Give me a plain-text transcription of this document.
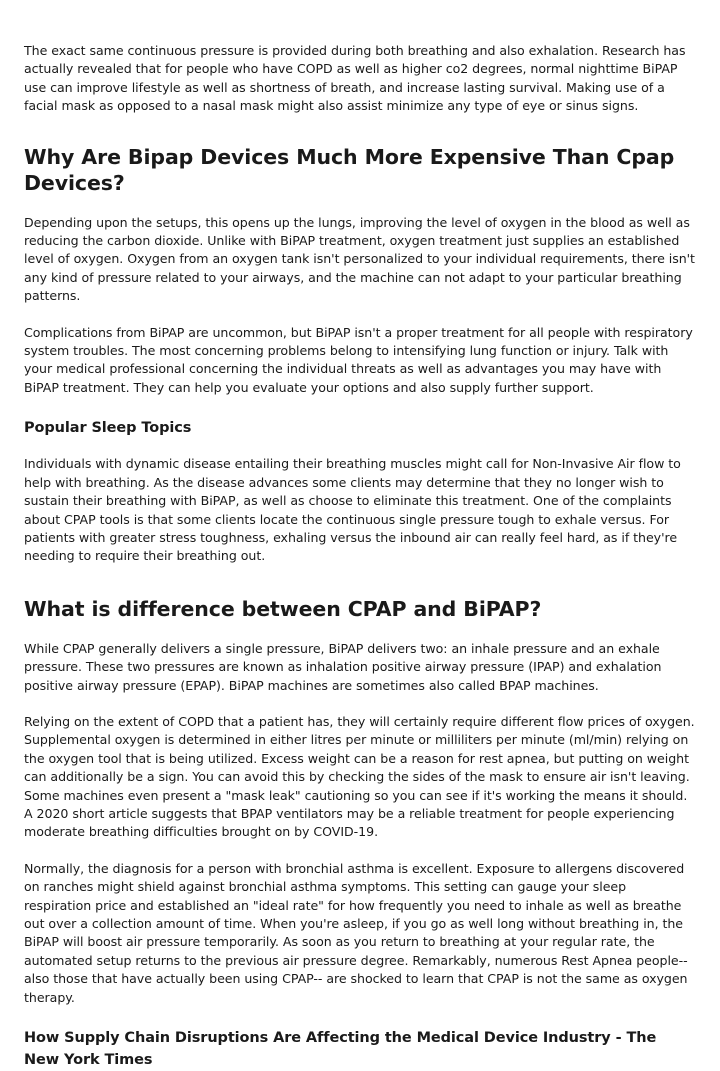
The exact same continuous pressure is provided during both breathing and also exhalation. Research has actually revealed that for people who have COPD as well as higher co2 degrees, normal nighttime BiPAP use can improve lifestyle as well as shortness of breath, and increase lasting survival. Making use of a facial mask as opposed to a nasal mask might also assist minimize any type of eye or sinus signs.

Why Are Bipap Devices Much More Expensive Than Cpap Devices?

Depending upon the setups, this opens up the lungs, improving the level of oxygen in the blood as well as reducing the carbon dioxide. Unlike with BiPAP treatment, oxygen treatment just supplies an established level of oxygen. Oxygen from an oxygen tank isn't personalized to your individual requirements, there isn't any kind of pressure related to your airways, and the machine can not adapt to your particular breathing patterns.

Complications from BiPAP are uncommon, but BiPAP isn't a proper treatment for all people with respiratory system troubles. The most concerning problems belong to intensifying lung function or injury. Talk with your medical professional concerning the individual threats as well as advantages you may have with BiPAP treatment. They can help you evaluate your options and also supply further support.

Popular Sleep Topics

Individuals with dynamic disease entailing their breathing muscles might call for Non-Invasive Air flow to help with breathing. As the disease advances some clients may determine that they no longer wish to sustain their breathing with BiPAP, as well as choose to eliminate this treatment. One of the complaints about CPAP tools is that some clients locate the continuous single pressure tough to exhale versus. For patients with greater stress toughness, exhaling versus the inbound air can really feel hard, as if they're needing to require their breathing out.

What is difference between CPAP and BiPAP?

While CPAP generally delivers a single pressure, BiPAP delivers two: an inhale pressure and an exhale pressure. These two pressures are known as inhalation positive airway pressure (IPAP) and exhalation positive airway pressure (EPAP). BiPAP machines are sometimes also called BPAP machines.

Relying on the extent of COPD that a patient has, they will certainly require different flow prices of oxygen. Supplemental oxygen is determined in either litres per minute or milliliters per minute (ml/min) relying on the oxygen tool that is being utilized. Excess weight can be a reason for rest apnea, but putting on weight can additionally be a sign. You can avoid this by checking the sides of the mask to ensure air isn't leaving. Some machines even present a "mask leak" cautioning so you can see if it's working the means it should. A 2020 short article suggests that BPAP ventilators may be a reliable treatment for people experiencing moderate breathing difficulties brought on by COVID-19.

Normally, the diagnosis for a person with bronchial asthma is excellent. Exposure to allergens discovered on ranches might shield against bronchial asthma symptoms. This setting can gauge your sleep respiration price and established an "ideal rate" for how frequently you need to inhale as well as breathe out over a collection amount of time. When you're asleep, if you go as well long without breathing in, the BiPAP will boost air pressure temporarily. As soon as you return to breathing at your regular rate, the automated setup returns to the previous air pressure degree. Remarkably, numerous Rest Apnea people-- also those that have actually been using CPAP-- are shocked to learn that CPAP is not the same as oxygen therapy.

How Supply Chain Disruptions Are Affecting the Medical Device Industry - The New York Times
